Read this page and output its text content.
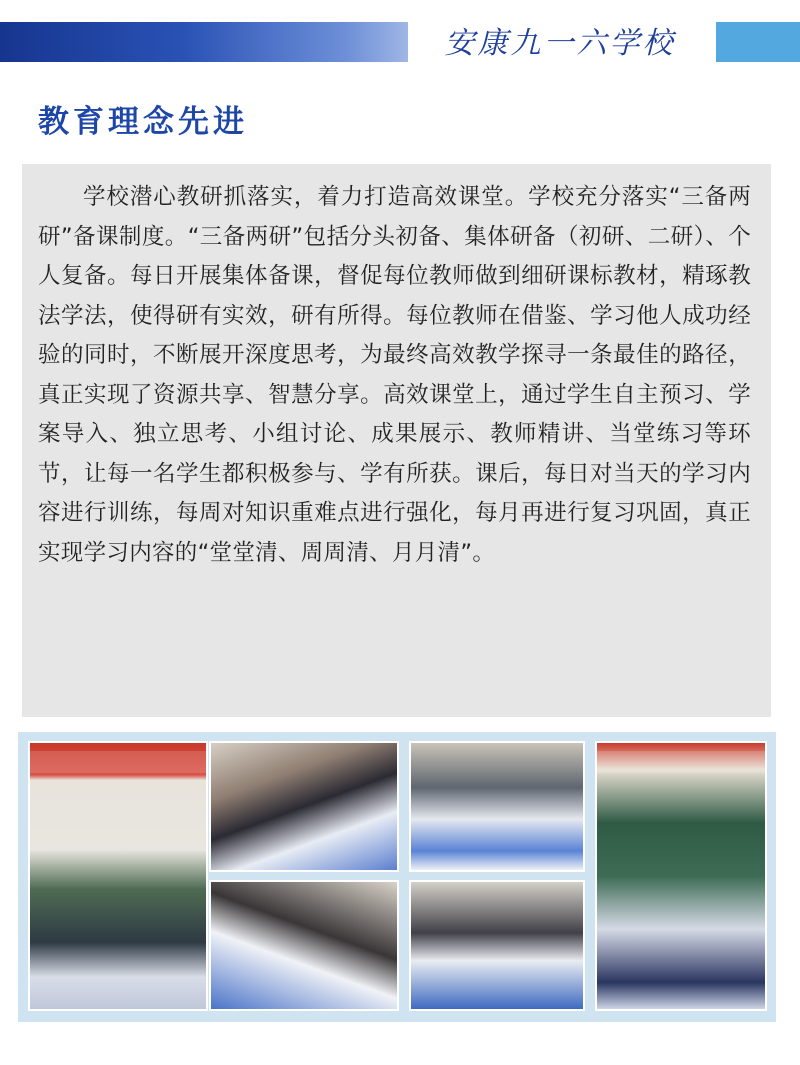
安康九一六学校
教育理念先进

学校潜心教研抓落实，着力打造高效课堂。学校充分落实“三备两研”备课制度。“三备两研”包括分头初备、集体研备（初研、二研）、个人复备。每日开展集体备课，督促每位教师做到细研课标教材，精琢教法学法，使得研有实效，研有所得。每位教师在借鉴、学习他人成功经验的同时，不断展开深度思考，为最终高效教学探寻一条最佳的路径，真正实现了资源共享、智慧分享。高效课堂上，通过学生自主预习、学案导入、独立思考、小组讨论、成果展示、教师精讲、当堂练习等环节，让每一名学生都积极参与、学有所获。课后，每日对当天的学习内容进行训练，每周对知识重难点进行强化，每月再进行复习巩固，真正实现学习内容的“堂堂清、周周清、月月清”。
